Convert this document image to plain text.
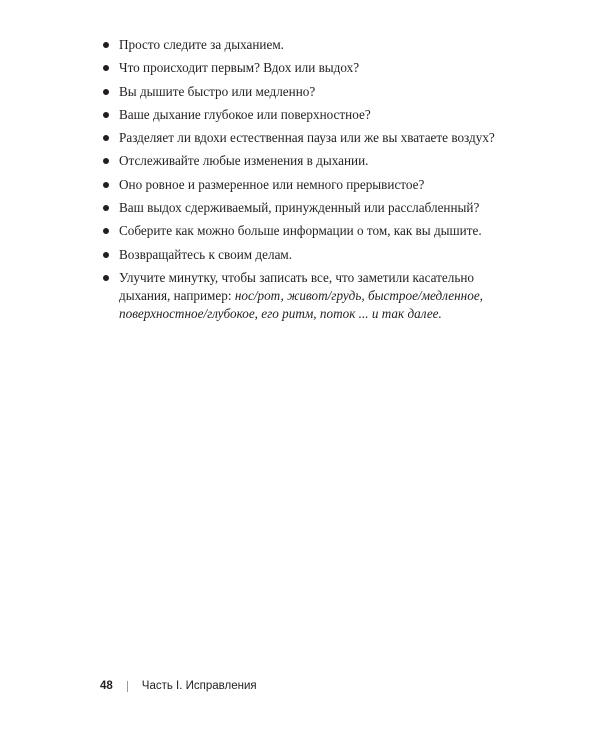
Просто следите за дыханием.
Что происходит первым? Вдох или выдох?
Вы дышите быстро или медленно?
Ваше дыхание глубокое или поверхностное?
Разделяет ли вдохи естественная пауза или же вы хватаете воздух?
Отслеживайте любые изменения в дыхании.
Оно ровное и размеренное или немного прерывистое?
Ваш выдох сдерживаемый, принужденный или расслабленный?
Соберите как можно больше информации о том, как вы дышите.
Возвращайтесь к своим делам.
Улучите минутку, чтобы записать все, что заметили касательно дыхания, например: нос/рот, живот/грудь, быстрое/медленное, поверхностное/глубокое, его ритм, поток ... и так далее.
48	Часть I. Исправления
